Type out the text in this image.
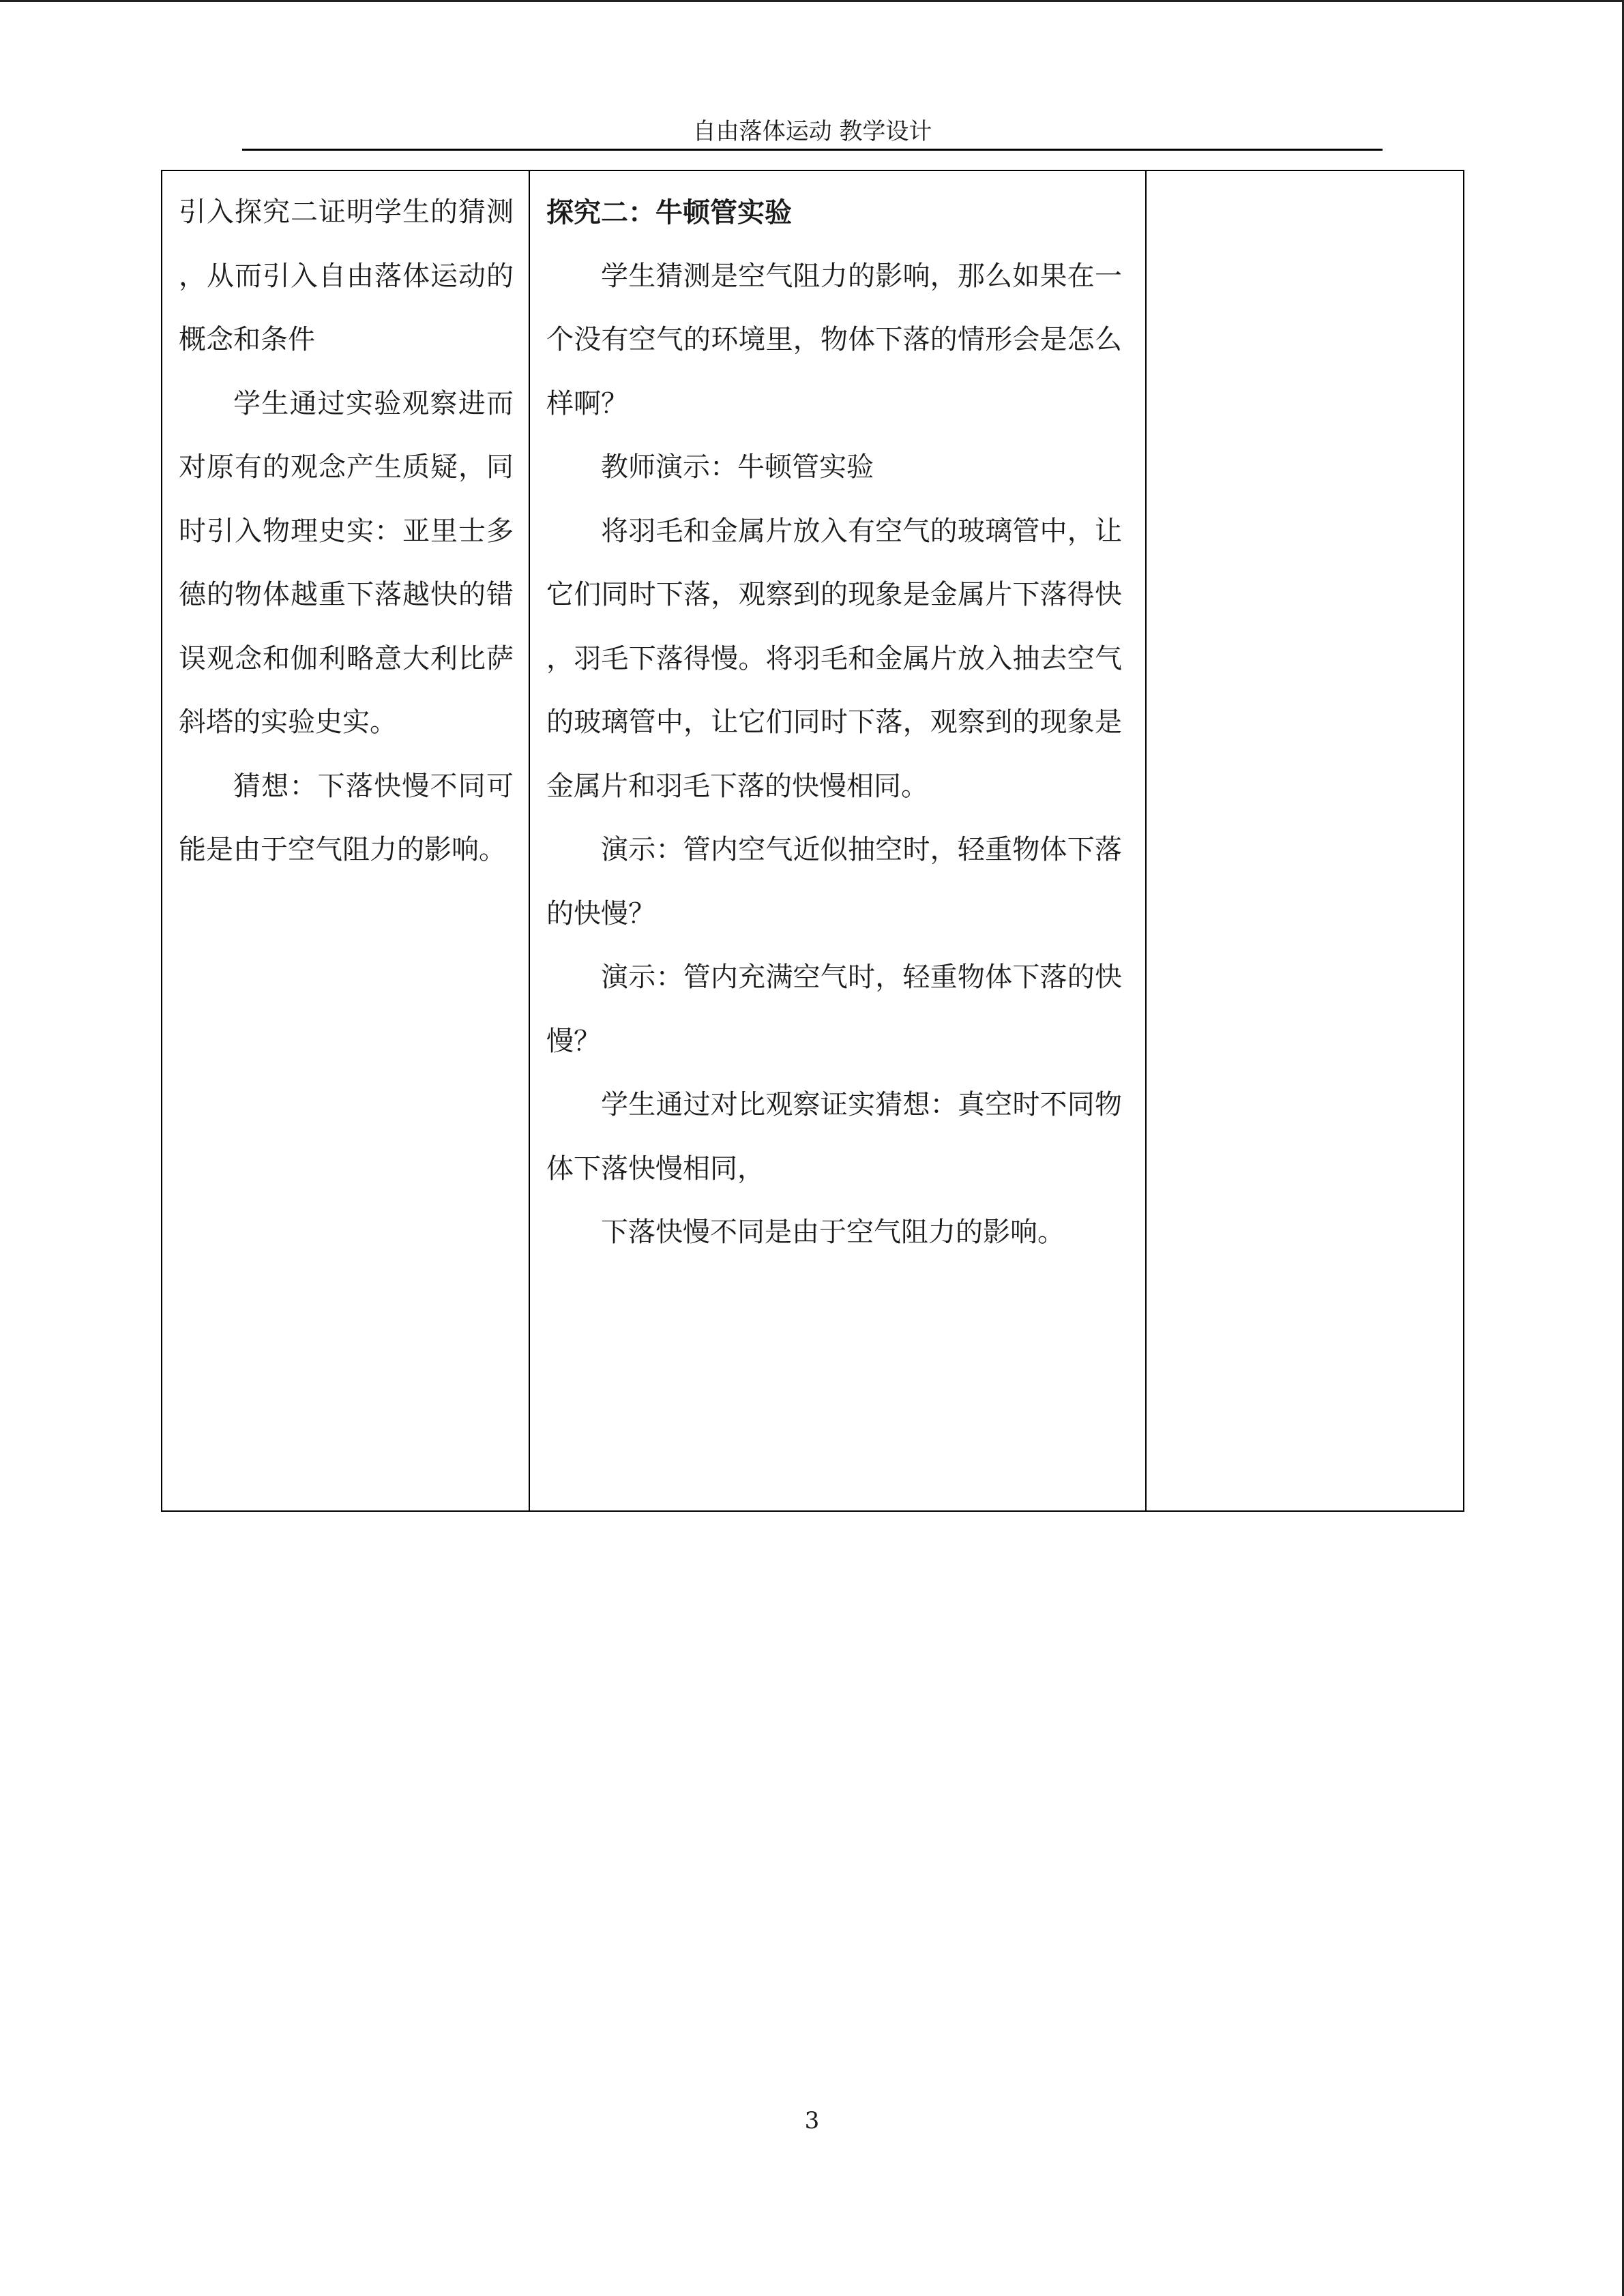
自由落体运动 教学设计

引入探究二证明学生的猜测，从而引入自由落体运动的概念和条件

学生通过实验观察进而对原有的观念产生质疑，同时引入物理史实：亚里士多德的物体越重下落越快的错误观念和伽利略意大利比萨斜塔的实验史实。

猜想：下落快慢不同可能是由于空气阻力的影响。

探究二：牛顿管实验

学生猜测是空气阻力的影响，那么如果在一个没有空气的环境里，物体下落的情形会是怎么样啊？

教师演示：牛顿管实验

将羽毛和金属片放入有空气的玻璃管中，让它们同时下落，观察到的现象是金属片下落得快，羽毛下落得慢。将羽毛和金属片放入抽去空气的玻璃管中，让它们同时下落，观察到的现象是金属片和羽毛下落的快慢相同。

演示：管内空气近似抽空时，轻重物体下落的快慢？

演示：管内充满空气时，轻重物体下落的快慢？

学生通过对比观察证实猜想：真空时不同物体下落快慢相同，

下落快慢不同是由于空气阻力的影响。

3
